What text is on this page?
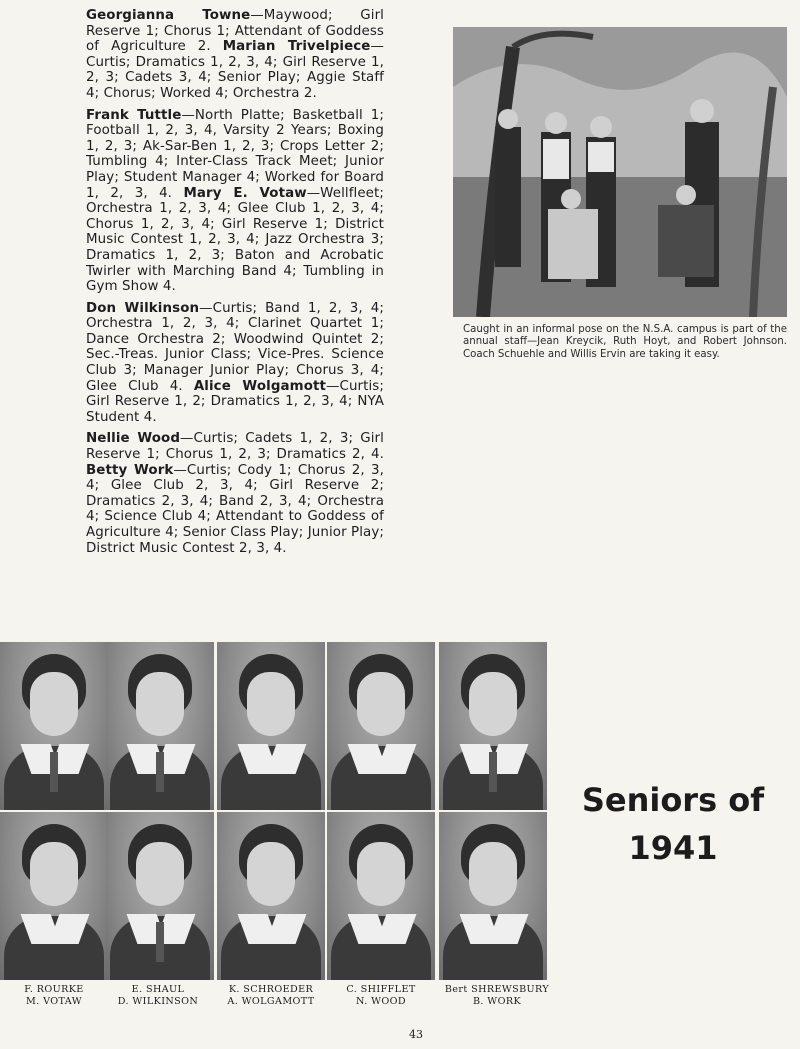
Georgianna Towne—Maywood; Girl Reserve 1; Chorus 1; Attendant of Goddess of Agriculture 2. Marian Trivelpiece—Curtis; Dramatics 1, 2, 3, 4; Girl Reserve 1, 2, 3; Cadets 3, 4; Senior Play; Aggie Staff 4; Chorus; Worked 4; Orchestra 2.

Frank Tuttle—North Platte; Basketball 1; Football 1, 2, 3, 4, Varsity 2 Years; Boxing 1, 2, 3; Ak-Sar-Ben 1, 2, 3; Crops Letter 2; Tumbling 4; Inter-Class Track Meet; Junior Play; Student Manager 4; Worked for Board 1, 2, 3, 4. Mary E. Votaw—Wellfleet; Orchestra 1, 2, 3, 4; Glee Club 1, 2, 3, 4; Chorus 1, 2, 3, 4; Girl Reserve 1; District Music Contest 1, 2, 3, 4; Jazz Orchestra 3; Dramatics 1, 2, 3; Baton and Acrobatic Twirler with Marching Band 4; Tumbling in Gym Show 4.

Don Wilkinson—Curtis; Band 1, 2, 3, 4; Orchestra 1, 2, 3, 4; Clarinet Quartet 1; Dance Orchestra 2; Woodwind Quintet 2; Sec.-Treas. Junior Class; Vice-Pres. Science Club 3; Manager Junior Play; Chorus 3, 4; Glee Club 4. Alice Wolgamott—Curtis; Girl Reserve 1, 2; Dramatics 1, 2, 3, 4; NYA Student 4.

Nellie Wood—Curtis; Cadets 1, 2, 3; Girl Reserve 1; Chorus 1, 2, 3; Dramatics 2, 4. Betty Work—Curtis; Cody 1; Chorus 2, 3, 4; Glee Club 2, 3, 4; Girl Reserve 2; Dramatics 2, 3, 4; Band 2, 3, 4; Orchestra 4; Science Club 4; Attendant to Goddess of Agriculture 4; Senior Class Play; Junior Play; District Music Contest 2, 3, 4.

Caught in an informal pose on the N.S.A. campus is part of the annual staff—Jean Kreycik, Ruth Hoyt, and Robert Johnson. Coach Schuehle and Willis Ervin are taking it easy.
F. ROURKE
M. VOTAW
E. SHAUL
D. WILKINSON
K. SCHROEDER
A. WOLGAMOTT
C. SHIFFLET
N. WOOD
Bert SHREWSBURY
B. WORK
Seniors of
1941
43
